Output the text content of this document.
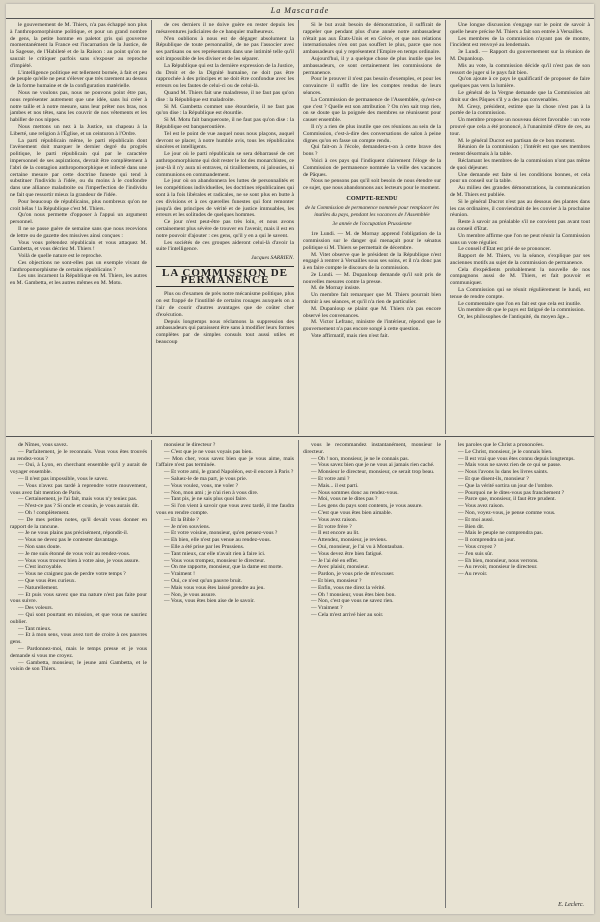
La Mascarade

le gouvernement de M. Thiers, n'a pas échappé non plus à l'anthropomorphisme politique, et pour un grand nombre de gens, la petite homme en paletot gris qui gouverne momentanément la France est l'incarnation de la Justice, de la Sagesse, de l'Habileté et de la Raison : au point qu'on ne saurait le critiquer parfois sans s'exposer au reproche d'impiété.

L'intelligence politique est tellement bornée, à fait et peu de peuple qu'elle ne peut s'élever que très rarement au dessus de la forme humaine et de la configuration matérielle.

Nous ne voulons pas, nous ne pouvons point être pas, nous représenter autrement que une idée, sans lui créer à notre taille et à notre mesure, sans leur prêter nos bras, nos jambes et nos têtes, sans les couvrir de nos vêtements et les habiller de nos nippes.

Nous mettons un nez à la Justice, un chapeau à la Liberté, une religion à l'Église, et un ceinturon à l'Ordre.

La parti républicain même, le parti républicain dont l'avènement doit marquer le dernier degré du progrès politique, le parti républicain qui par le caractère impersonnel de ses aspirations, devrait être complètement à l'abri de la contagion anthropomorphique et infecté dans une certaine mesure par cette doctrine funeste qui tend à substituer l'individu à l'idée, ou du moins à le confondre dans une alliance maladroite ou l'imperfection de l'individu ne fait que ressortir mieux la grandeur de l'idée.

Pour beaucoup de républicains, plus nombreux qu'on ne croit hélas ! la République c'est M. Thiers.

Qu'on nous permette d'opposer à l'appui un argument personnel.

Il ne se passe guère de semaine sans que nous recevions de lettre ou de gazette des missives ainsi conçues :

Vous vous prétendez républicain et vous attaquez M. Gambetta, et vous décriez M. Thiers !

Voilà de quelle nature est le reproche.

Ces objections ne sont-elles pas un exemple vivant de l'anthropomorphisme de certains républicains ?

Les uns incarnent la République en M. Thiers, les autres en M. Gambetta, et les autres mêmes en M. Motu.

de ces derniers il ne doive guère en rester depuis les mésaventures judiciaires de ce banquier malheureux.

N'en oublions à nous est de dégager absolument la République de toute personnalité, de ne pas l'associer avec ses partisans ou ses représentants dans une intimité telle qu'il soit impossible de les diviser et de les séparer.

La République qui est la dernière expression de la Justice, du Droit et de la Dignité humaine, ne doit pas être rapprochée à des principes et ne doit être confondue avec les erreurs ou les fautes de celui-ci ou de celui-là.

Quand M. Thiers fait une maladresse, il ne faut pas qu'on dise : la République est maladroite.

Si M. Gambetta commet une étourderie, il ne faut pas qu'on dise : la République est étourdie.

Si M. Motu fait banqueroute, il ne faut pas qu'on dise : la République est banqueroutière.

Tel est le point de vue auquel nous nous plaçons, auquel devront se placer, à notre humble avis, tous les républicains sincères et intelligents.

Le jour où le parti républicain se sera débarrassé de cet anthropomorphisme qui doit rester le lot des monarchistes, ce jour-là il n'y aura ni entraves, ni tiraillements, ni jalousies, ni communions en commandement.

Le jour où on abandonnera les luttes de personnalités et les compétitions individuelles, les doctrines républicaines qui sont à la fois libérales et radicales, ne se sont plus en butte à ces divisions et à ces querelles funestes qui font remonter jusqu'à des principes de vérité et de justice immuables, les erreurs et les solitudes de quelques hommes.

Ce jour n'est peut-être pas très loin, et nous avons certainement plus sévère de trouver en l'avenir, mais il est en notre pouvoir d'ajouter : ces gens, qu'il y en a qui le savent.

Les sociétés de ces groupes aideront celui-là d'avoir la suite l'intelligence.

Jacques SARRIEN.

LA COMMISSION DE PERMANENCE

Plus ou d'examen de près notre mécanisme politique, plus on est frappé de l'inutilité de certains rouages auxquels on a l'air de courir d'autres avantages que de coûter cher d'exécution.

Depuis longtemps nous réclamons la suppression des ambassadeurs qui paraissent être sans à modifier leurs formes complètes par de simples consuls tout aussi utiles et beaucoup

Si le but avait besoin de démonstration, il suffirait de rappeler que pendant plus d'une année notre ambassadeur n'était pas aux États-Unis et en Grèce, et que nos relations internationales n'en ont pas souffert le plus, parce que nos ambassadeurs qui y représentent l'Empire en temps ordinaire.

Aujourd'hui, il y a quelque chose de plus inutile que les ambassadeurs, ce sont certainement les commissions de permanence.

Pour le prouver il n'est pas besoin d'exemples, et pour les convaincre il suffit de lire les comptes rendus de leurs séances.

La Commission de permanence de l'Assemblée, qu'est-ce que c'est ? Quelle est son attribution ? On n'en sait trop rien, on se doute que la poignée des membres se réunissent pour causer ensemble.

Il n'y a rien de plus inutile que ces réunions au sein de la Commission, c'est-à-dire des conversations de salon à peine dignes qu'on en fasse un compte rendu.

Qui fait-on à l'école, demandera-t-on à cette brave des bons ?

Voici à ces pays qui l'indiquent clairement l'éloge de la Commission de permanence nommée la veille des vacances de Pâques.

Nous ne pensons pas qu'il soit besoin de nous étendre sur ce sujet, que nous abandonnons aux lecteurs pour le moment.

COMPTE-RENDU

de la Commission de permanence nommée pour remplacer les inutiles du pays, pendant les vacances de l'Assemblée

3e année de l'occupation Prussienne

1re Lundi. — M. de Mornay apprend l'obligation de la commission sur le danger qui menaçait pour le sénatus politique si M. Thiers se permettait de décembre.

M. Vitet observe que le président de la République n'est engagé à rentrer à Versailles sous ses soins, et il n'a donc pas à en faire compte le discours de la commission.

2e Lundi. — M. Dupanloup demande qu'il soit pris de nouvelles mesures contre la presse.

M. de Mornay insiste.

Un membre fait remarquer que M. Thiers pourrait bien dormir à ses séances, et qu'il n'a rien de particulier.

M. Dupanloup se plaint que M. Thiers n'a pas encore observé les convenances.

M. Victor Lefranc, ministre de l'intérieur, répond que le gouvernement n'a pas encore songé à cette question.

Vote affirmatif, mais rien n'est fait.

Une longue discussion s'engage sur le point de savoir à quelle heure précise M. Thiers a fait son entrée à Versailles.

Les membres de la commission n'ayant pas de montre, l'incident est renvoyé au lendemain.

3e Lundi. — Rapport du gouvernement sur la réunion de M. Dupanloup.

Mis au vote, la commission décide qu'il n'est pas de son ressort de juger si le pays fait bien.

Qu'on ajoute à ce pays le qualificatif de proposer de faire quelques pas vers la lumière.

Le général de la Vergne demande que la Commission ait droit sur des Pâques s'il y a des pas convenables.

M. Gresy, président, estime que la chose n'est pas à la portée de la commission.

Un membre propose un nouveau décret favorable : un vote prouvé que cela a été prononcé, à l'unanimité d'être de ces, au tour.

M. le général Ducrot est partisan de ce bon moment.

Réunion de la commission ; l'intérêt est que ses membres restent désormais à la table.

Réclamant les membres de la commission n'ont pas même de quoi déjeuner.

Une demande est faite si les conditions bonnes, et cela pour un conseil sur la table.

Au milieu des grandes démonstrations, la communication de M. Thiers est publiée.

Si le général Ducrot n'est pas au dessous des plantes dans les cas ordinaires, il conviendrait de les convier à la prochaine réunion.

Reste à savoir au préalable s'il ne convient pas avant tout au conseil d'Etat.

Un membre affirme que l'on ne peut réunir la Commission sans un vote régulier.

Le conseil d'Etat est prié de se prononcer.

Rapport de M. Thiers, vu la séance, s'explique par ses anciennes motifs au sujet de la commission de permanence.

Cela d'expédients probablement la nouvelle de nos compagnons aussi de M. Thiers, et fait pouvoir et communiquer.

La Commission qui se réunit régulièrement le lundi, est tenue de rendre compte.

Le commentaire que l'on en fait est que cela est inutile.

Un membre dit que le pays est fatigué de la commission.

Or, les philosophes de l'antiquité, du moyen âge...

de Nîmes, vous savez.

— Parfaitement, je le reconnais. Vous vous êtes trouvés au rendez-vous ?

— Oui, à Lyon, en cherchant ensemble qu'il y aurait de voyager ensemble.

— Il n'est pas impossible, vous le savez.

— Vous n'avez pas tardé à reprendre votre mouvement, vous avez fait mention de Paris.

— Certainement, je l'ai fait, mais vous n'y teniez pas.

— N'est-ce pas ? Si oncle et cousin, je vous aurais dit.

— Oh ! complètement.

— De mes petites notes, qu'il devait vous donner en rapport de la rancune.

— Je ne vous plains pas précisément, répondit-il.

— Vous ne devez pas le contester davantage.

— Non sans doute.

— Je me suis étonné de vous voir au rendez-vous.

— Vous vous trouvez bien à votre aise, je vous assure.

— C'est incroyable.

— Vous ne craignez pas de perdre votre temps ?

— Que vous êtes curieux.

— Naturellement.

— Et puis vous savez que ma nature n'est pas faite pour vous suivre.

— Des voleurs.

— Qui sont pourtant en mission, et que vous ne sauriez oublier.

— Tant mieux.

— Et à mon sens, vous avez tort de croire à ces pauvres gens.

— Pardonnez-moi, mais le temps presse et je vous demande si vous me croyez.

— Gambetta, monsieur, le jeune ami Gambetta, et le voisin de son Thiers.

monsieur le directeur ?

— C'est que je ne vous voyais pas bien.

— Mon cher, vous savez bien que je vous aime, mais l'affaire n'est pas terminée.

— Et votre ami, le grand Napoléon, est-il encore à Paris ?

— Saluez-le de ma part, je vous prie.

— Vous voulez, vous, me voler ?

— Non, mon ami ; je n'ai rien à vous dire.

— Tant pis, je ne sais plus quoi faire.

— Si l'on vient à savoir que vous avez tardé, il me faudra vous en rendre compte.

— Et la Bible ?

— Je m'en souviens.

— Et votre voisine, monsieur, qu'en pensez-vous ?

— Eh bien, elle n'est pas venue au rendez-vous.

— Elle a été prise par les Prussiens.

— Tant mieux, car elle n'avait rien à faire ici.

— Vous vous trompez, monsieur le directeur.

— On me rapporte, monsieur, que la dame est morte.

— Vraiment !

— Oui, ce n'est qu'un pauvre bruit.

— Mais vous vous êtes laissé prendre au jeu.

— Non, je vous assure.

— Vous, vous êtes bien aise de le savoir.

vous le recommandez instantanément, monsieur le directeur.

— Oh ! non, monsieur, je ne le connais pas.

— Vous savez bien que je ne vous ai jamais rien caché.

— Monsieur le directeur, monsieur, ce serait trop beau.

— Et votre ami ?

— Mais... il est parti.

— Nous sommes donc au rendez-vous.

— Moi, vous ne le dites pas ?

— Les gens du pays sont contents, je vous assure.

— C'est que vous êtes bien aimable.

— Vous avez raison.

— Et votre frère ?

— Il est encore au lit.

— Attendez, monsieur, je reviens.

— Oui, monsieur, je l'ai vu à Montauban.

— Vous devez être bien fatigué.

— Je l'ai été en effet.

— Avec plaisir, monsieur.

— Pardon, je vous prie de m'excuser.

— Et bien, monsieur ?

— Enfin, vous me direz la vérité.

— Oh ! monsieur, vous êtes bien bon.

— Non, c'est que vous ne savez rien.

— Vraiment ?

— Cela m'est arrivé hier au soir.

les paroles que le Christ a prononcées.

— Le Christ, monsieur, je le connais bien.

— Il est vrai que vous êtes connu depuis longtemps.

— Mais vous ne savez rien de ce qui se passe.

— Nous l'avons lu dans les livres saints.

— Et que disent-ils, monsieur ?

— Que la vérité sortira un jour de l'ombre.

— Pourquoi ne le dites-vous pas franchement ?

— Parce que, monsieur, il faut être prudent.

— Vous avez raison.

— Non, voyez-vous, je pense comme vous.

— Et moi aussi.

— Bien dit.

— Mais le peuple ne comprendra pas.

— Il comprendra un jour.

— Vous croyez ?

— J'en suis sûr.

— Eh bien, monsieur, nous verrons.

— Au revoir, monsieur le directeur.

— Au revoir.

E. Leclerc.
